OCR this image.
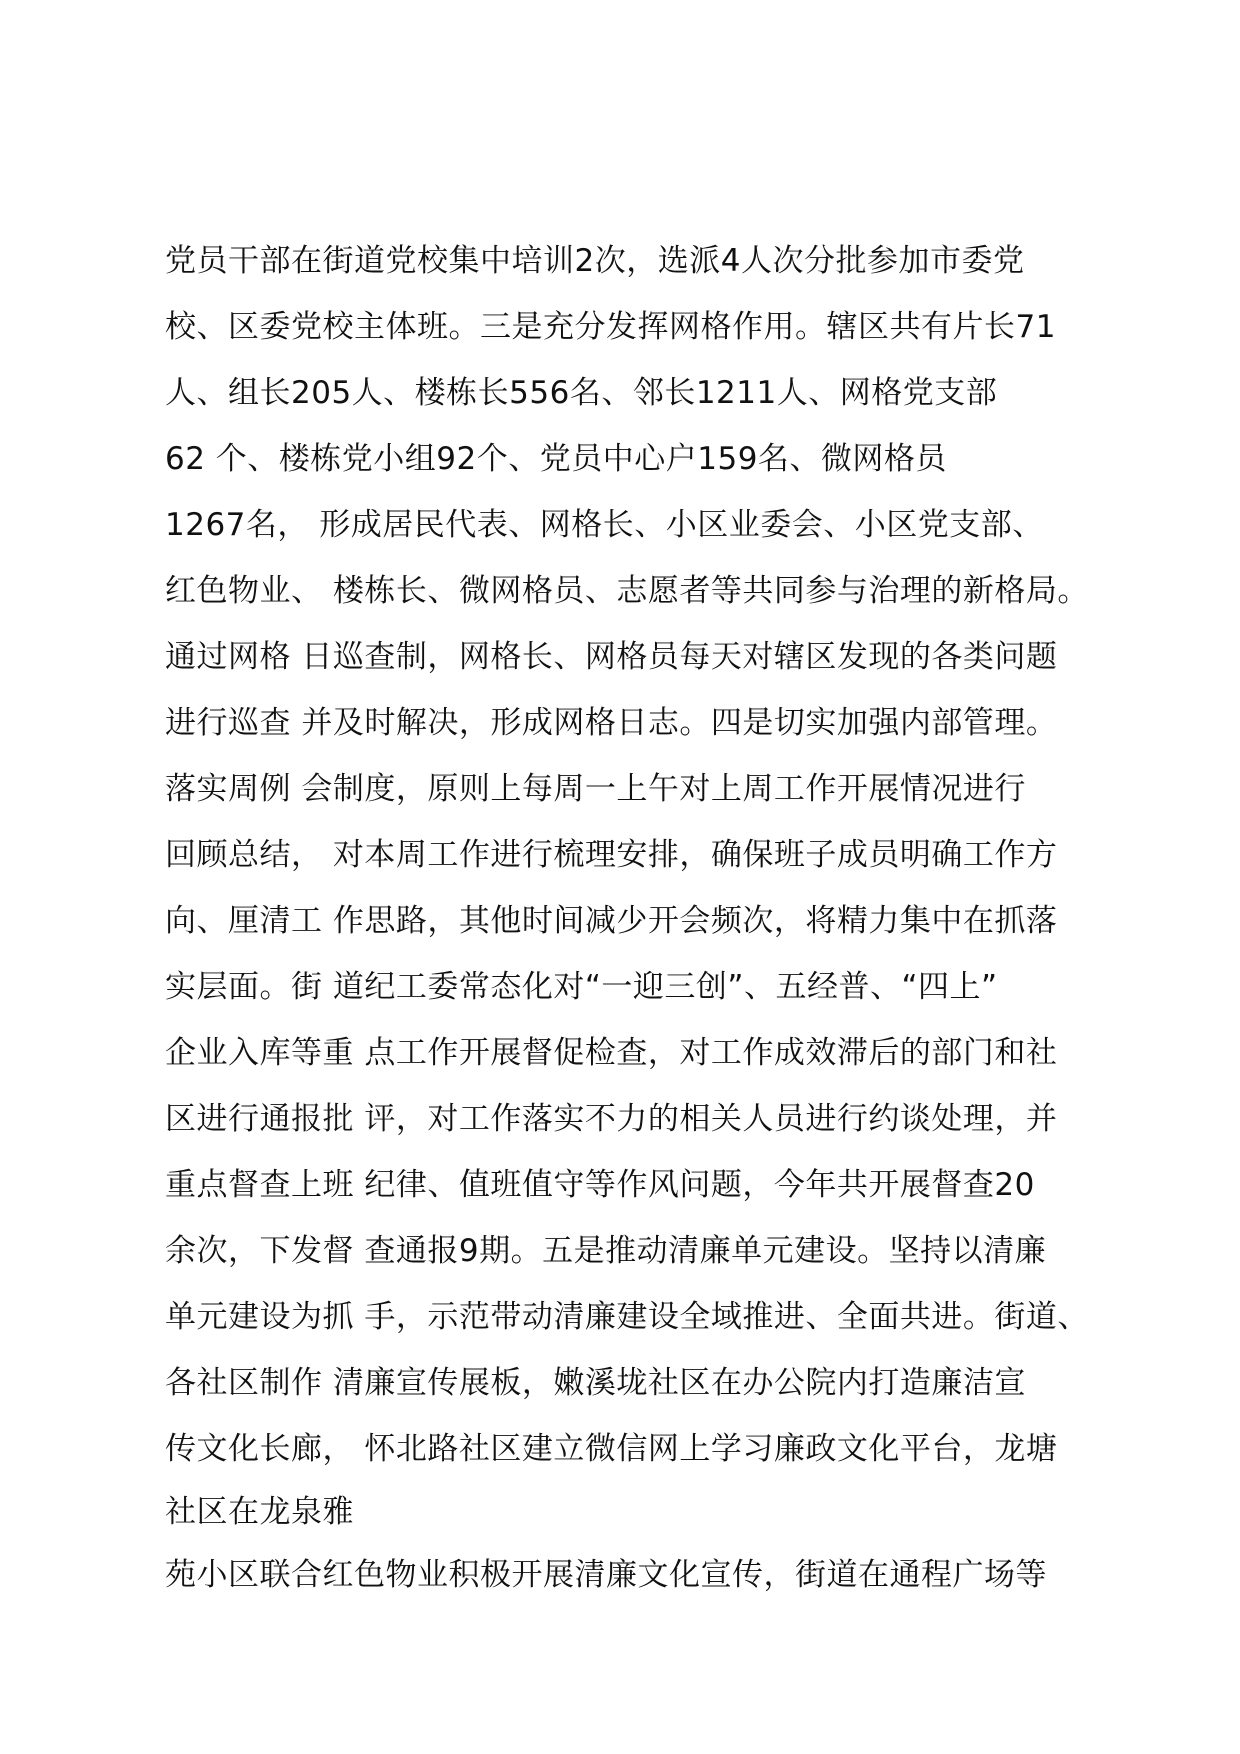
党员干部在街道党校集中培训2次，选派4人次分批参加市委党
校、区委党校主体班。三是充分发挥网格作用。辖区共有片长71
人、组长205人、楼栋长556名、邻长1211人、网格党支部
62 个、楼栋党小组92个、党员中心户159名、微网格员
1267名， 形成居民代表、网格长、小区业委会、小区党支部、
红色物业、 楼栋长、微网格员、志愿者等共同参与治理的新格局。
通过网格 日巡查制，网格长、网格员每天对辖区发现的各类问题
进行巡查 并及时解决，形成网格日志。四是切实加强内部管理。
落实周例 会制度，原则上每周一上午对上周工作开展情况进行
回顾总结， 对本周工作进行梳理安排，确保班子成员明确工作方
向、厘清工 作思路，其他时间减少开会频次，将精力集中在抓落
实层面。街 道纪工委常态化对“一迎三创”、五经普、“四上”
企业入库等重 点工作开展督促检查，对工作成效滞后的部门和社
区进行通报批 评，对工作落实不力的相关人员进行约谈处理，并
重点督查上班 纪律、值班值守等作风问题，今年共开展督查20
余次，下发督 查通报9期。五是推动清廉单元建设。坚持以清廉
单元建设为抓 手，示范带动清廉建设全域推进、全面共进。街道、
各社区制作 清廉宣传展板，嫩溪垅社区在办公院内打造廉洁宣
传文化长廊， 怀北路社区建立微信网上学习廉政文化平台，龙塘
社区在龙泉雅
苑小区联合红色物业积极开展清廉文化宣传，街道在通程广场等
